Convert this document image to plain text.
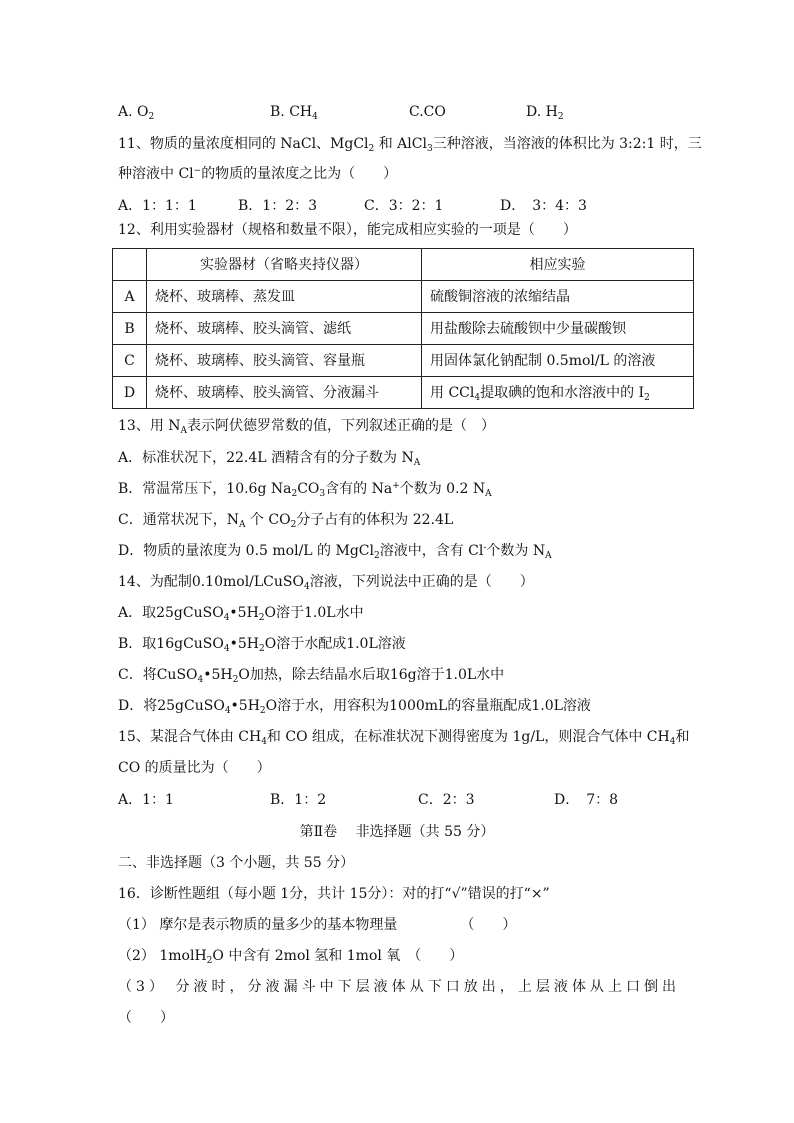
A. $O_2$	B. $CH_4$	C.CO	D. $H_2$
11、物质的量浓度相同的 NaCl、MgCl$_2$ 和 AlCl$_3$三种溶液，当溶液的体积比为 3:2:1 时，三
种溶液中 Cl−的物质的量浓度之比为（　　）
A．1：1：1	B．1：2：3	C．3：2：1	D．　3：4：3
12、利用实验器材（规格和数量不限），能完成相应实验的一项是（　　）
	实验器材（省略夹持仪器）	相应实验
A	烧杯、玻璃棒、蒸发皿	硫酸铜溶液的浓缩结晶
B	烧杯、玻璃棒、胶头滴管、滤纸	用盐酸除去硫酸钡中少量碳酸钡
C	烧杯、玻璃棒、胶头滴管、容量瓶	用固体氯化钠配制 0.5mol/L 的溶液
D	烧杯、玻璃棒、胶头滴管、分液漏斗	用 CCl$_4$提取碘的饱和水溶液中的 $I_2$
13、用 $N_A$表示阿伏德罗常数的值，下列叙述正确的是（　）
A．标准状况下，22.4L 酒精含有的分子数为 $N_A$
B．常温常压下，10.6g $Na_2CO_3$含有的 Na+个数为 0.2 $N_A$
C．通常状况下，$N_A$ 个 $CO_2$分子占有的体积为 22.4L
D．物质的量浓度为 0.5 mol/L 的 MgCl$_2$溶液中，含有 Cl-个数为 $N_A$
14、为配制0.10mol/LCuSO$_4$溶液，下列说法中正确的是（　　）
A．取$25gCuSO_4•5H_2O$溶于1.0L水中
B．取$16gCuSO_4•5H_2O$溶于水配成1.0L溶液
C．将$CuSO_4•5H_2O$加热，除去结晶水后取16g溶于1.0L水中
D．将$25gCuSO_4•5H_2O$溶于水，用容积为1000mL的容量瓶配成1.0L溶液
15、某混合气体由 $CH_4$和 CO 组成，在标准状况下测得密度为 1g/L，则混合气体中 $CH_4$和
CO 的质量比为（　　）
A．1：1	B．1：2	C．2：3	D．　7：8
第Ⅱ卷　 非选择题（共 55 分）
二、非选择题（3 个小题，共 55 分）
16．诊断性题组（每小题 1分，共计 15分）：对的打“√”错误的打“×”
（1） 摩尔是表示物质的量多少的基本物理量　　　　　（　　）
（2） 1molH$_2$O 中含有 2mol 氢和 1mol 氧　（　　）
（3） 分液时，分液漏斗中下层液体从下口放出，上层液体从上口倒出
（　　）
